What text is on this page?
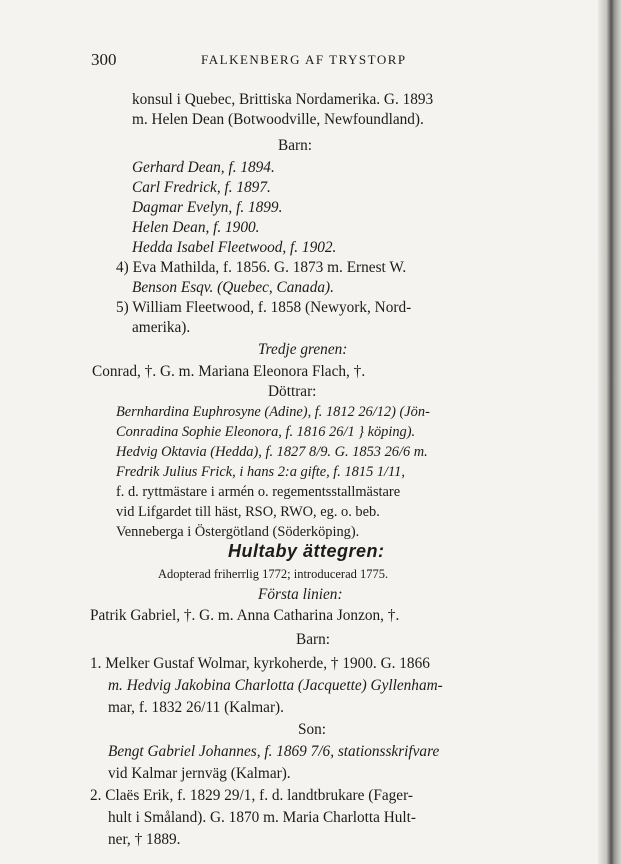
300	FALKENBERG AF TRYSTORP
konsul i Quebec, Brittiska Nordamerika. G. 1893
m. Helen Dean (Botwoodville, Newfoundland).
Barn:
Gerhard Dean, f. 1894.
Carl Fredrick, f. 1897.
Dagmar Evelyn, f. 1899.
Helen Dean, f. 1900.
Hedda Isabel Fleetwood, f. 1902.
4) Eva Mathilda, f. 1856. G. 1873 m. Ernest W.
Benson Esqv. (Quebec, Canada).
5) William Fleetwood, f. 1858 (Newyork, Nord-
amerika).
Tredje grenen:
Conrad, †. G. m. Mariana Eleonora Flach, †.
Döttrar:
Bernhardina Euphrosyne (Adine), f. 1812 26/12) (Jön-
Conradina Sophie Eleonora, f. 1816 26/1 } köping).
Hedvig Oktavia (Hedda), f. 1827 8/9. G. 1853 26/6 m.
Fredrik Julius Frick, i hans 2:a gifte, f. 1815 1/11,
f. d. ryttmästare i armén o. regementsstallmästare
vid Lifgardet till häst, RSO, RWO, eg. o. beb.
Venneberga i Östergötland (Söderköping).
Hultaby ättegren:
Adopterad friherrlig 1772; introducerad 1775.
Första linien:
Patrik Gabriel, †. G. m. Anna Catharina Jonzon, †.
Barn:
1. Melker Gustaf Wolmar, kyrkoherde, † 1900. G. 1866
m. Hedvig Jakobina Charlotta (Jacquette) Gyllenham-
mar, f. 1832 26/11 (Kalmar).
Son:
Bengt Gabriel Johannes, f. 1869 7/6, stationsskrifvare
vid Kalmar jernväg (Kalmar).
2. Claës Erik, f. 1829 29/1, f. d. landtbrukare (Fager-
hult i Småland). G. 1870 m. Maria Charlotta Hult-
ner, † 1889.
